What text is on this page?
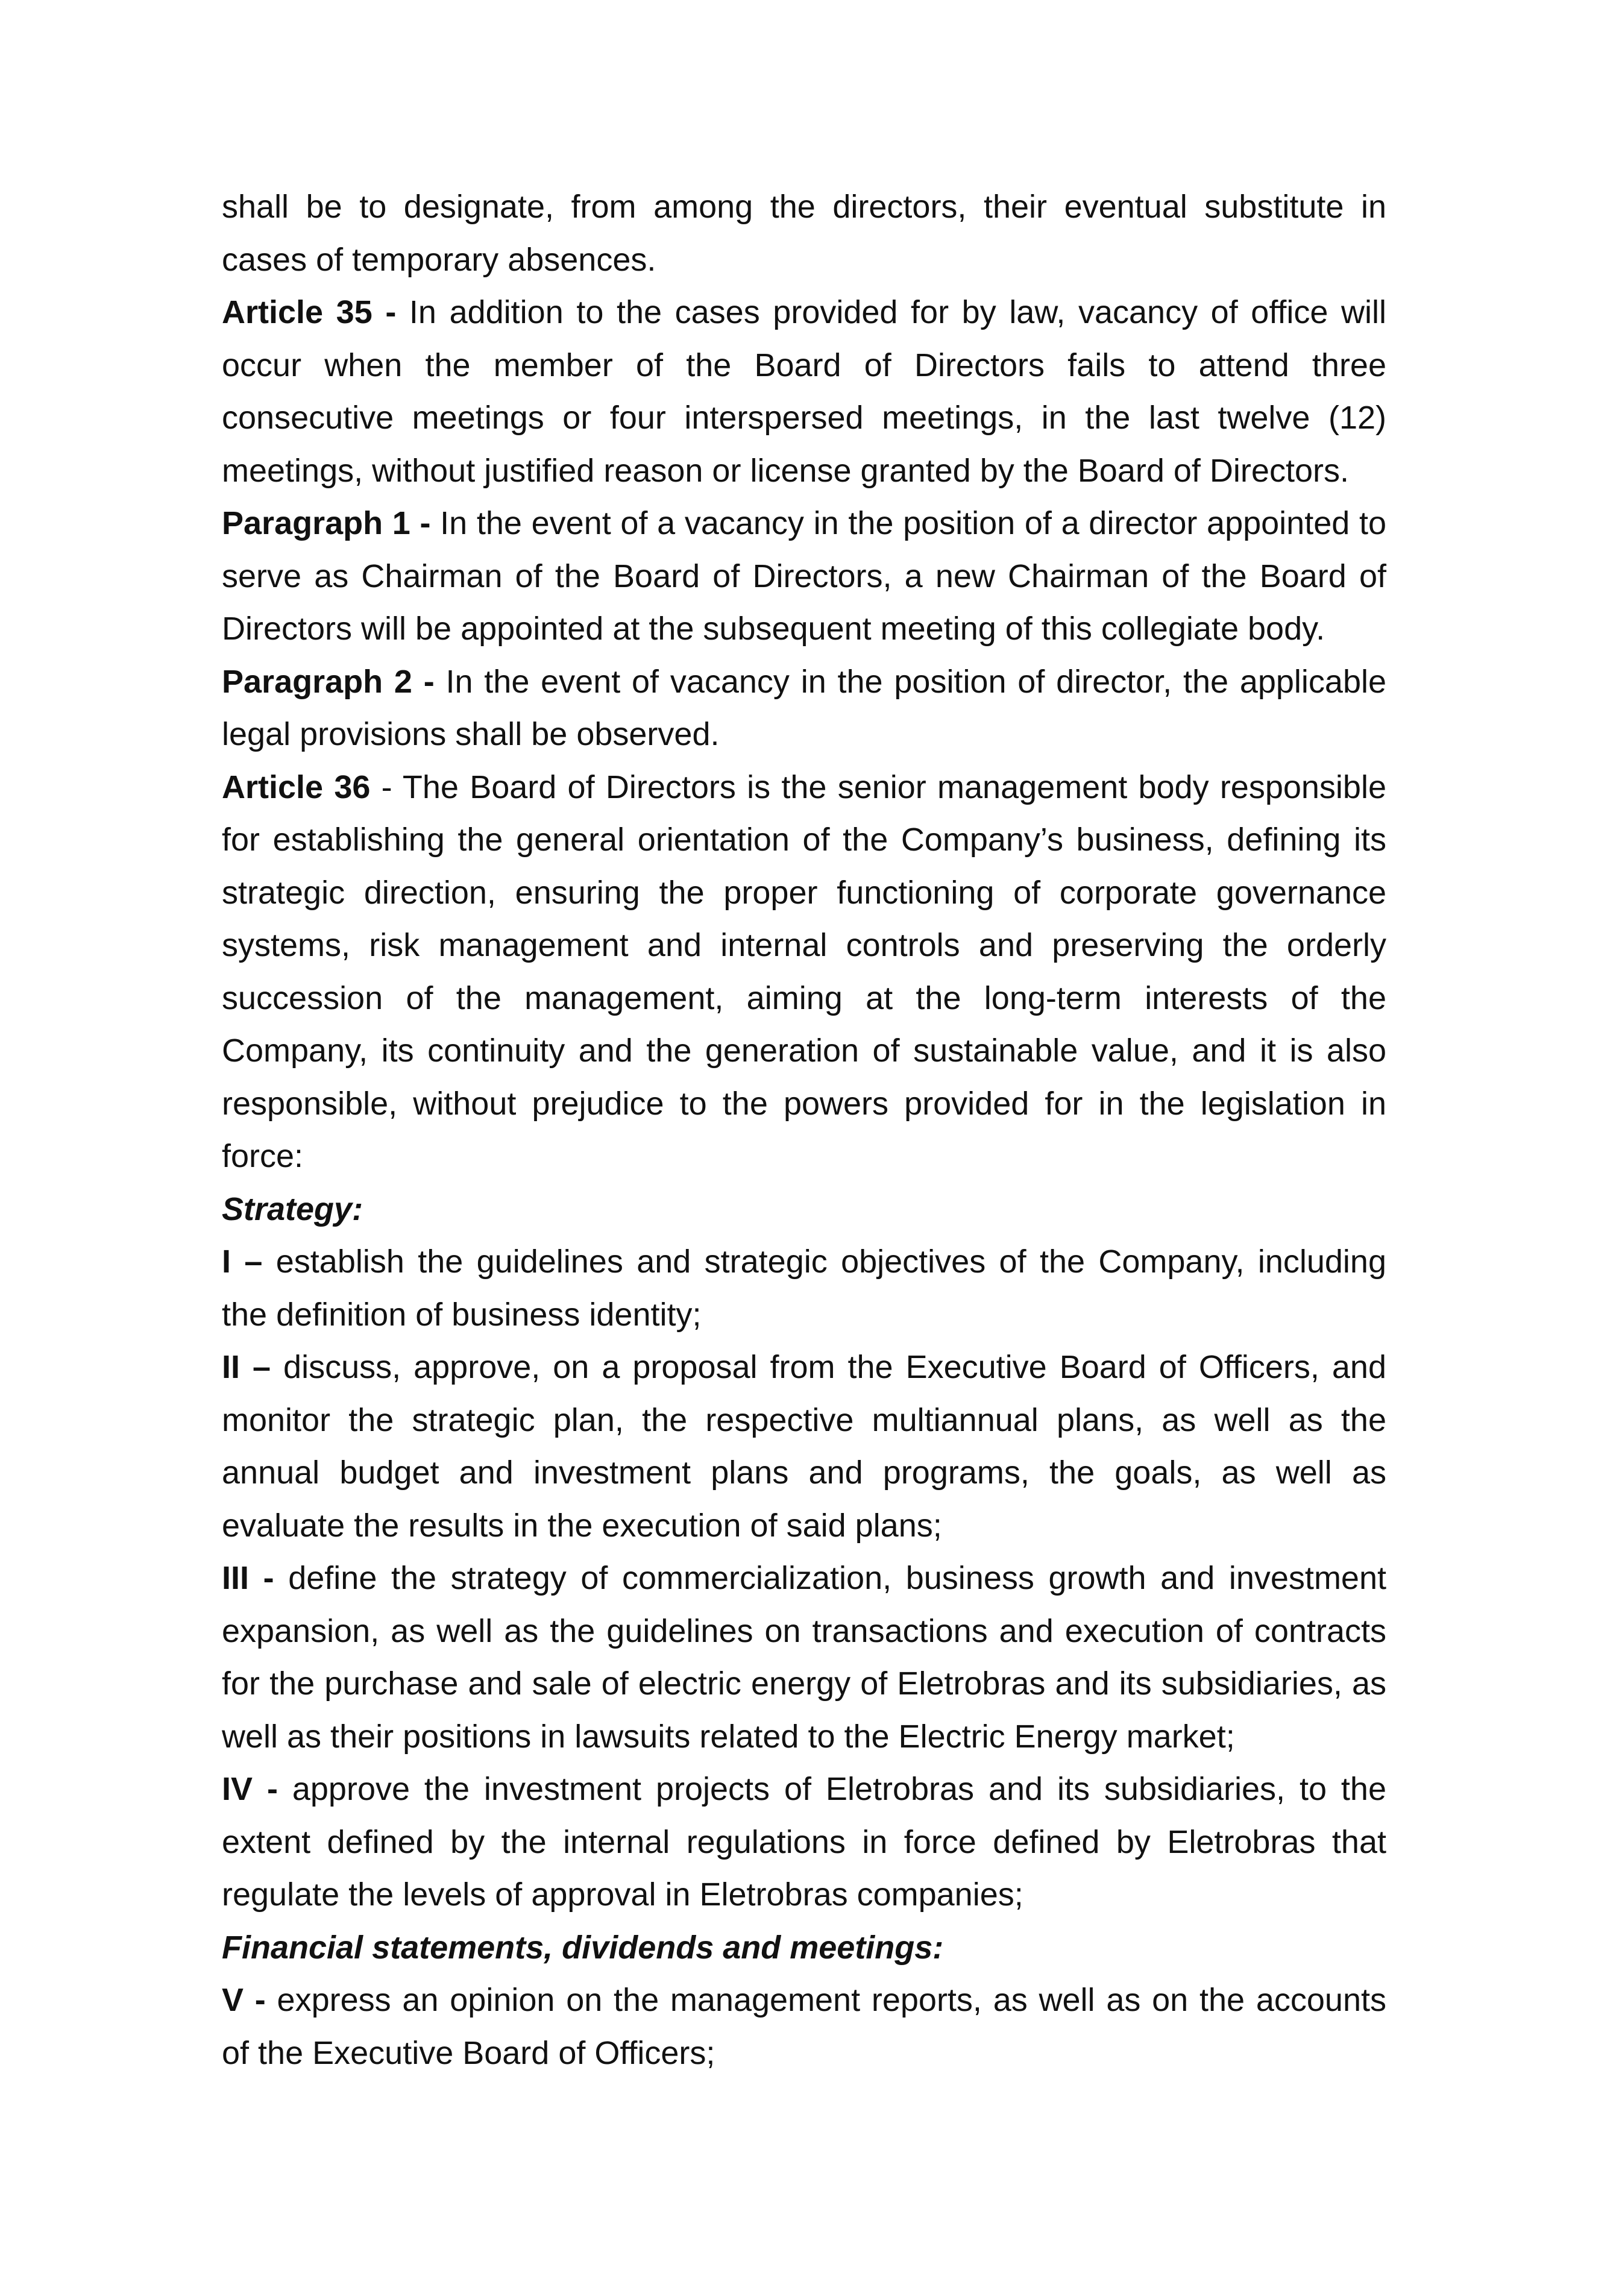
shall be to designate, from among the directors, their eventual substitute in cases of temporary absences.

Article 35 - In addition to the cases provided for by law, vacancy of office will occur when the member of the Board of Directors fails to attend three consecutive meetings or four interspersed meetings, in the last twelve (12) meetings, without justified reason or license granted by the Board of Directors.

Paragraph 1 - In the event of a vacancy in the position of a director appointed to serve as Chairman of the Board of Directors, a new Chairman of the Board of Directors will be appointed at the subsequent meeting of this collegiate body.

Paragraph 2 - In the event of vacancy in the position of director, the applicable legal provisions shall be observed.

Article 36 - The Board of Directors is the senior management body responsible for establishing the general orientation of the Company’s business, defining its strategic direction, ensuring the proper functioning of corporate governance systems, risk management and internal controls and preserving the orderly succession of the management, aiming at the long-term interests of the Company, its continuity and the generation of sustainable value, and it is also responsible, without prejudice to the powers provided for in the legislation in force:

Strategy:

I – establish the guidelines and strategic objectives of the Company, including the definition of business identity;

II – discuss, approve, on a proposal from the Executive Board of Officers, and monitor the strategic plan, the respective multiannual plans, as well as the annual budget and investment plans and programs, the goals, as well as evaluate the results in the execution of said plans;

III - define the strategy of commercialization, business growth and investment expansion, as well as the guidelines on transactions and execution of contracts for the purchase and sale of electric energy of Eletrobras and its subsidiaries, as well as their positions in lawsuits related to the Electric Energy market;

IV - approve the investment projects of Eletrobras and its subsidiaries, to the extent defined by the internal regulations in force defined by Eletrobras that regulate the levels of approval in Eletrobras companies;

Financial statements, dividends and meetings:

V - express an opinion on the management reports, as well as on the accounts of the Executive Board of Officers;
